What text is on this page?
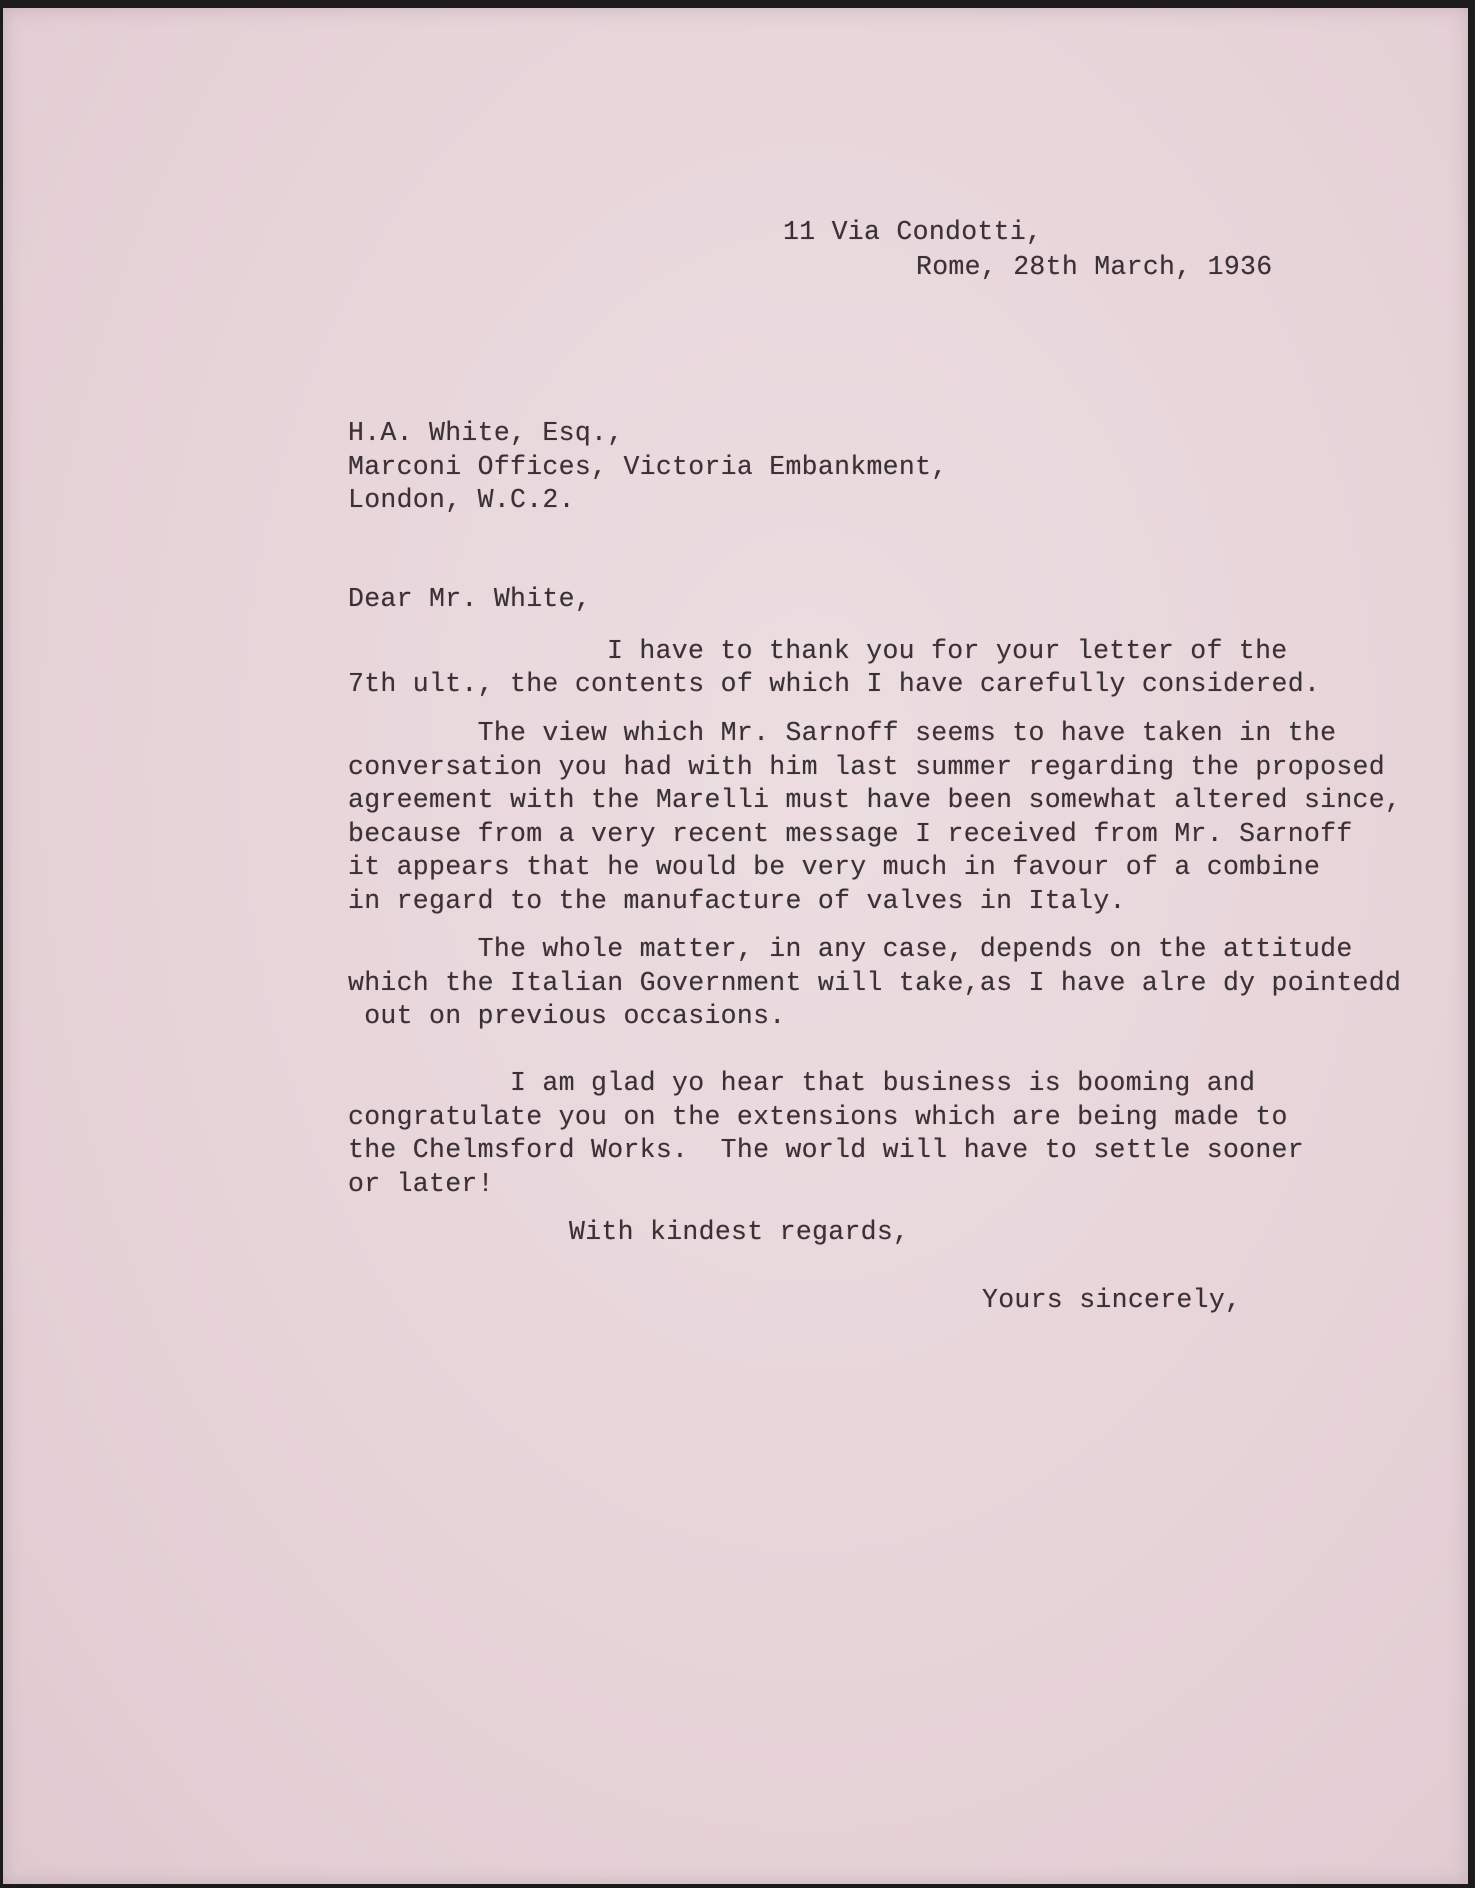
11 Via Condotti,
Rome, 28th March, 1936
H.A. White, Esq.,
Marconi Offices, Victoria Embankment,
London, W.C.2.
Dear Mr. White,
I have to thank you for your letter of the
7th ult., the contents of which I have carefully considered.
The view which Mr. Sarnoff seems to have taken in the
conversation you had with him last summer regarding the proposed
agreement with the Marelli must have been somewhat altered since,
because from a very recent message I received from Mr. Sarnoff
it appears that he would be very much in favour of a combine
in regard to the manufacture of valves in Italy.
The whole matter, in any case, depends on the attitude
which the Italian Government will take,as I have alre dy pointedd
out on previous occasions.
I am glad yo hear that business is booming and
congratulate you on the extensions which are being made to
the Chelmsford Works.  The world will have to settle sooner
or later!
With kindest regards,
Yours sincerely,
